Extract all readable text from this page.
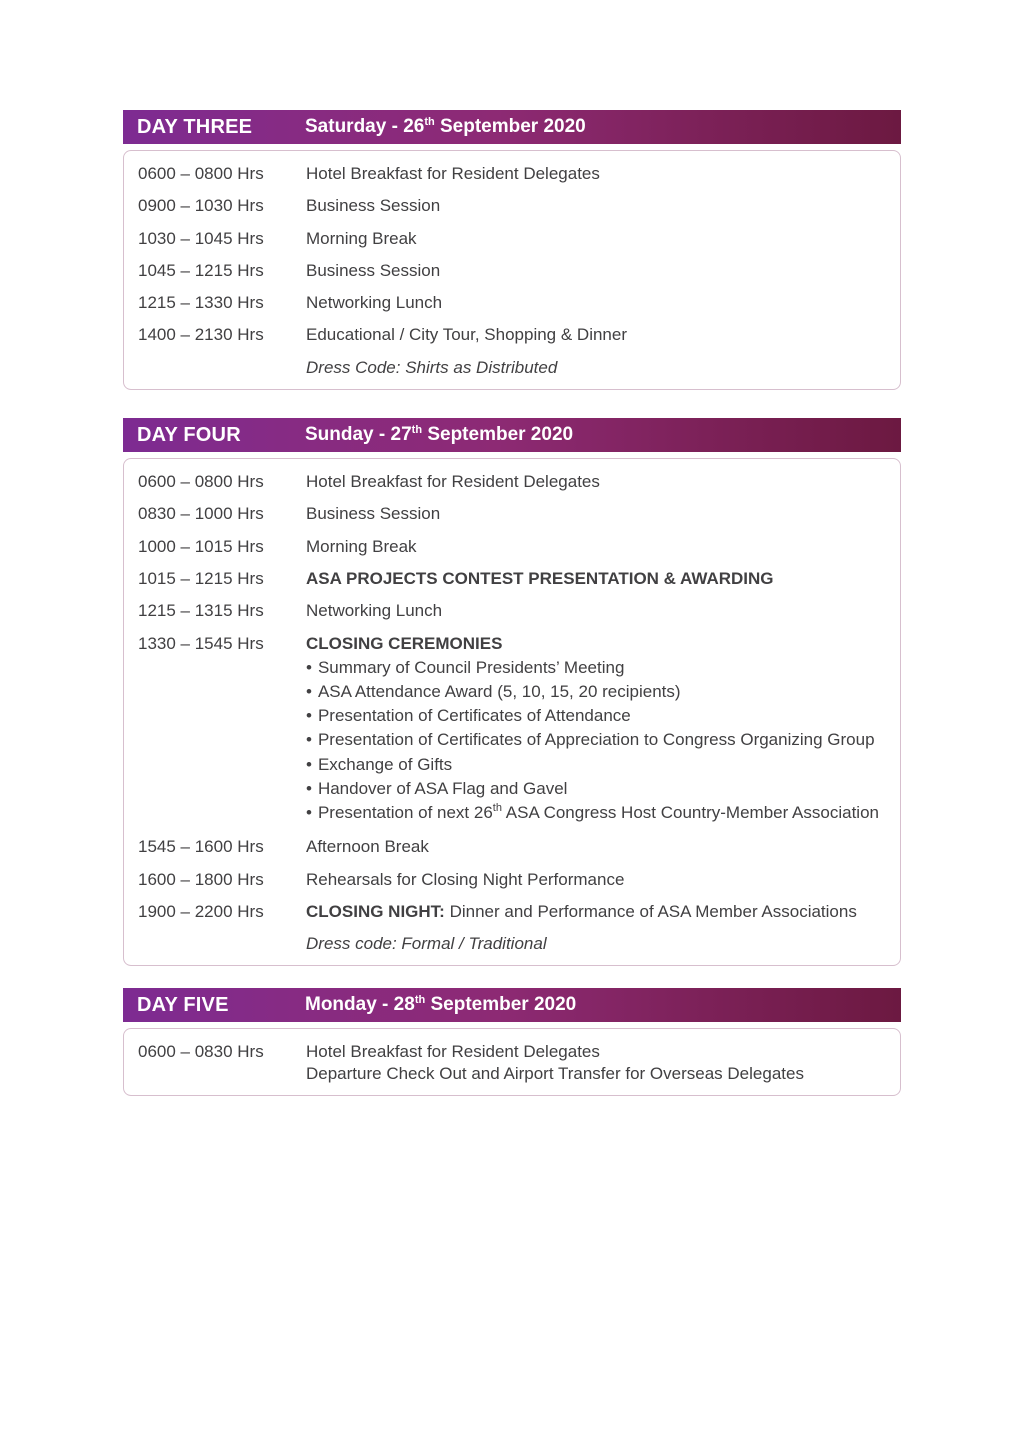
DAY THREE	Saturday - 26th September 2020
0600 – 0800 Hrs	Hotel Breakfast for Resident Delegates
0900 – 1030 Hrs	Business Session
1030 – 1045 Hrs	Morning Break
1045 – 1215 Hrs	Business Session
1215 – 1330 Hrs	Networking Lunch
1400 – 2130 Hrs	Educational / City Tour, Shopping & Dinner
Dress Code: Shirts as Distributed
DAY FOUR	Sunday - 27th September 2020
0600 – 0800 Hrs	Hotel Breakfast for Resident Delegates
0830 – 1000 Hrs	Business Session
1000 – 1015 Hrs	Morning Break
1015 – 1215 Hrs	ASA PROJECTS CONTEST PRESENTATION & AWARDING
1215 – 1315 Hrs	Networking Lunch
1330 – 1545 Hrs	CLOSING CEREMONIES
• Summary of Council Presidents’ Meeting
• ASA Attendance Award (5, 10, 15, 20 recipients)
• Presentation of Certificates of Attendance
• Presentation of Certificates of Appreciation to Congress Organizing Group
• Exchange of Gifts
• Handover of ASA Flag and Gavel
• Presentation of next 26th ASA Congress Host Country-Member Association
1545 – 1600 Hrs	Afternoon Break
1600 – 1800 Hrs	Rehearsals for Closing Night Performance
1900 – 2200 Hrs	CLOSING NIGHT: Dinner and Performance of ASA Member Associations
Dress code: Formal / Traditional
DAY FIVE	Monday - 28th September 2020
0600 – 0830 Hrs	Hotel Breakfast for Resident Delegates
Departure Check Out and Airport Transfer for Overseas Delegates
